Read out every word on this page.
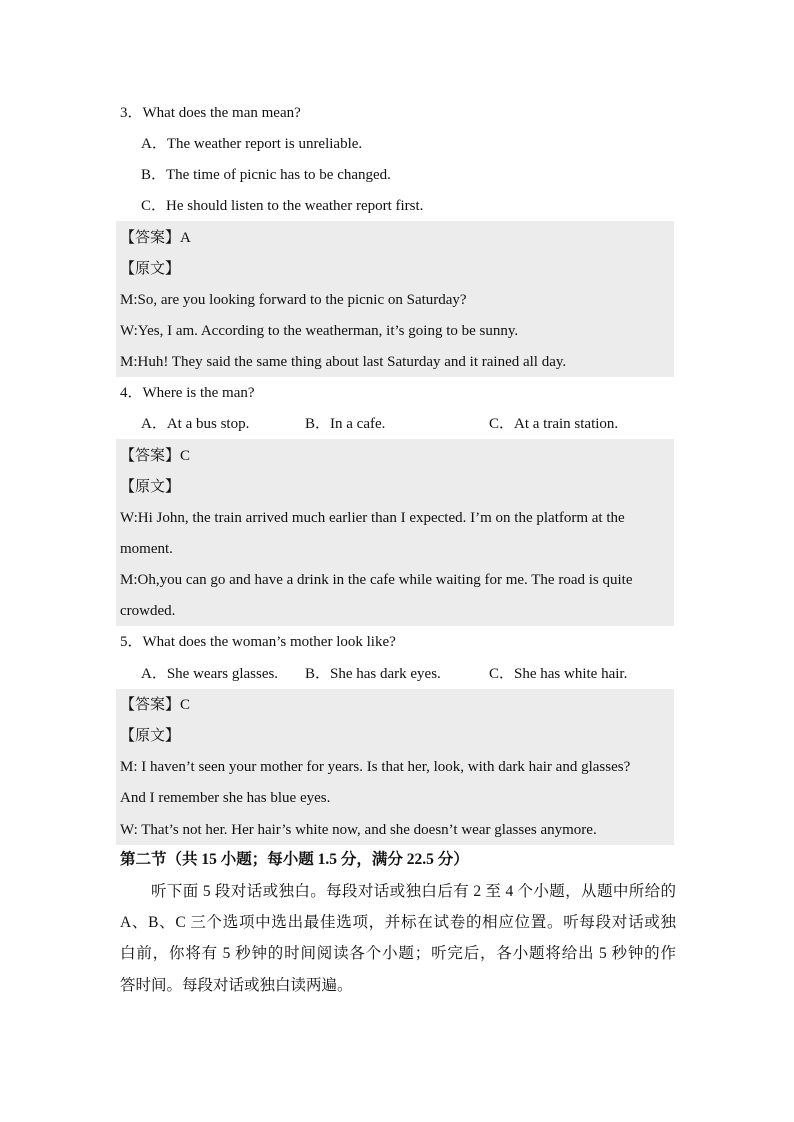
3．What does the man mean?
A．The weather report is unreliable.
B．The time of picnic has to be changed.
C．He should listen to the weather report first.
【答案】A
【原文】
M:So, are you looking forward to the picnic on Saturday?
W:Yes, I am. According to the weatherman, it’s going to be sunny.
M:Huh! They said the same thing about last Saturday and it rained all day.
4．Where is the man?
A．At a bus stop.	B．In a cafe.	C．At a train station.
【答案】C
【原文】
W:Hi John, the train arrived much earlier than I expected. I’m on the platform at the
moment.
M:Oh,you can go and have a drink in the cafe while waiting for me. The road is quite
crowded.
5．What does the woman’s mother look like?
A．She wears glasses. B．She has dark eyes.	C．She has white hair.
【答案】C
【原文】
M: I haven’t seen your mother for years. Is that her, look, with dark hair and glasses?
And I remember she has blue eyes.
W: That’s not her. Her hair’s white now, and she doesn’t wear glasses anymore.
第二节（共 15 小题；每小题 1.5 分，满分 22.5 分）
听下面 5 段对话或独白。每段对话或独白后有 2 至 4 个小题，从题中所给的
A、B、C 三个选项中选出最佳选项，并标在试卷的相应位置。听每段对话或独
白前，你将有 5 秒钟的时间阅读各个小题；听完后，各小题将给出 5 秒钟的作
答时间。每段对话或独白读两遍。
